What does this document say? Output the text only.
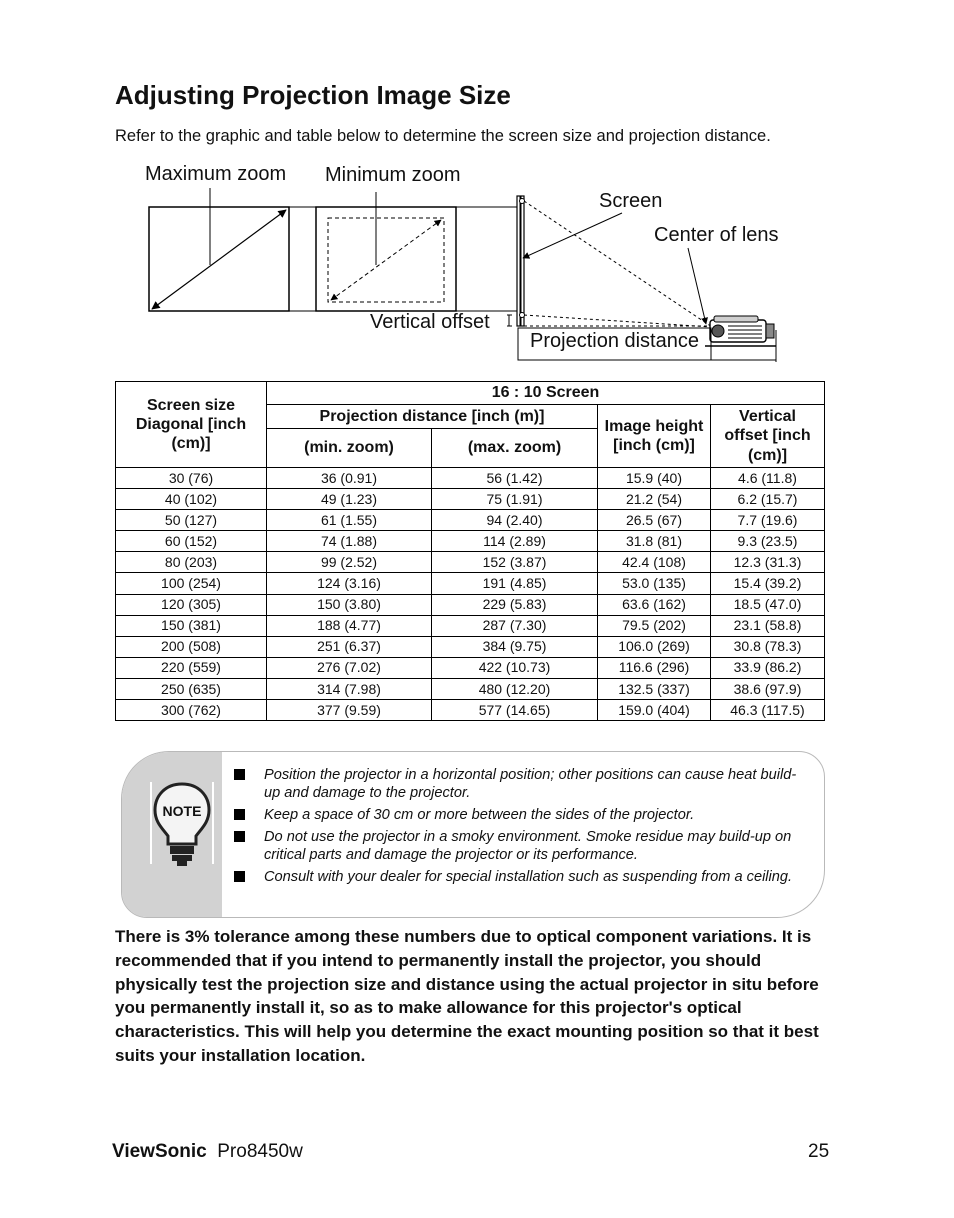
Adjusting Projection Image Size

Refer to the graphic and table below to determine the screen size and projection distance.

Maximum zoom Minimum zoom
Screen
Center of lens
Vertical offset
Projection distance
Screen size Diagonal [inch (cm)]	16 : 10 Screen			
	Projection distance [inch (m)]		Image height [inch (cm)]	Vertical offset [inch (cm)]
	(min. zoom)	(max. zoom)		
30 (76)	36 (0.91)	56 (1.42)	15.9 (40)	4.6 (11.8)
40 (102)	49 (1.23)	75 (1.91)	21.2 (54)	6.2 (15.7)
50 (127)	61 (1.55)	94 (2.40)	26.5 (67)	7.7 (19.6)
60 (152)	74 (1.88)	114 (2.89)	31.8 (81)	9.3 (23.5)
80 (203)	99 (2.52)	152 (3.87)	42.4 (108)	12.3 (31.3)
100 (254)	124 (3.16)	191 (4.85)	53.0 (135)	15.4 (39.2)
120 (305)	150 (3.80)	229 (5.83)	63.6 (162)	18.5 (47.0)
150 (381)	188 (4.77)	287 (7.30)	79.5 (202)	23.1 (58.8)
200 (508)	251 (6.37)	384 (9.75)	106.0 (269)	30.8 (78.3)
220 (559)	276 (7.02)	422 (10.73)	116.6 (296)	33.9 (86.2)
250 (635)	314 (7.98)	480 (12.20)	132.5 (337)	38.6 (97.9)
300 (762)	377 (9.59)	577 (14.65)	159.0 (404)	46.3 (117.5)
NOTE
Position the projector in a horizontal position; other positions can cause heat build-up and damage to the projector.
Keep a space of 30 cm or more between the sides of the projector.
Do not use the projector in a smoky environment. Smoke residue may build-up on critical parts and damage the projector or its performance.
Consult with your dealer for special installation such as suspending from a ceiling.

There is 3% tolerance among these numbers due to optical component variations. It is recommended that if you intend to permanently install the projector, you should physically test the projection size and distance using the actual projector in situ before you permanently install it, so as to make allowance for this projector's optical characteristics. This will help you determine the exact mounting position so that it best suits your installation location.

ViewSonic Pro8450w	25
